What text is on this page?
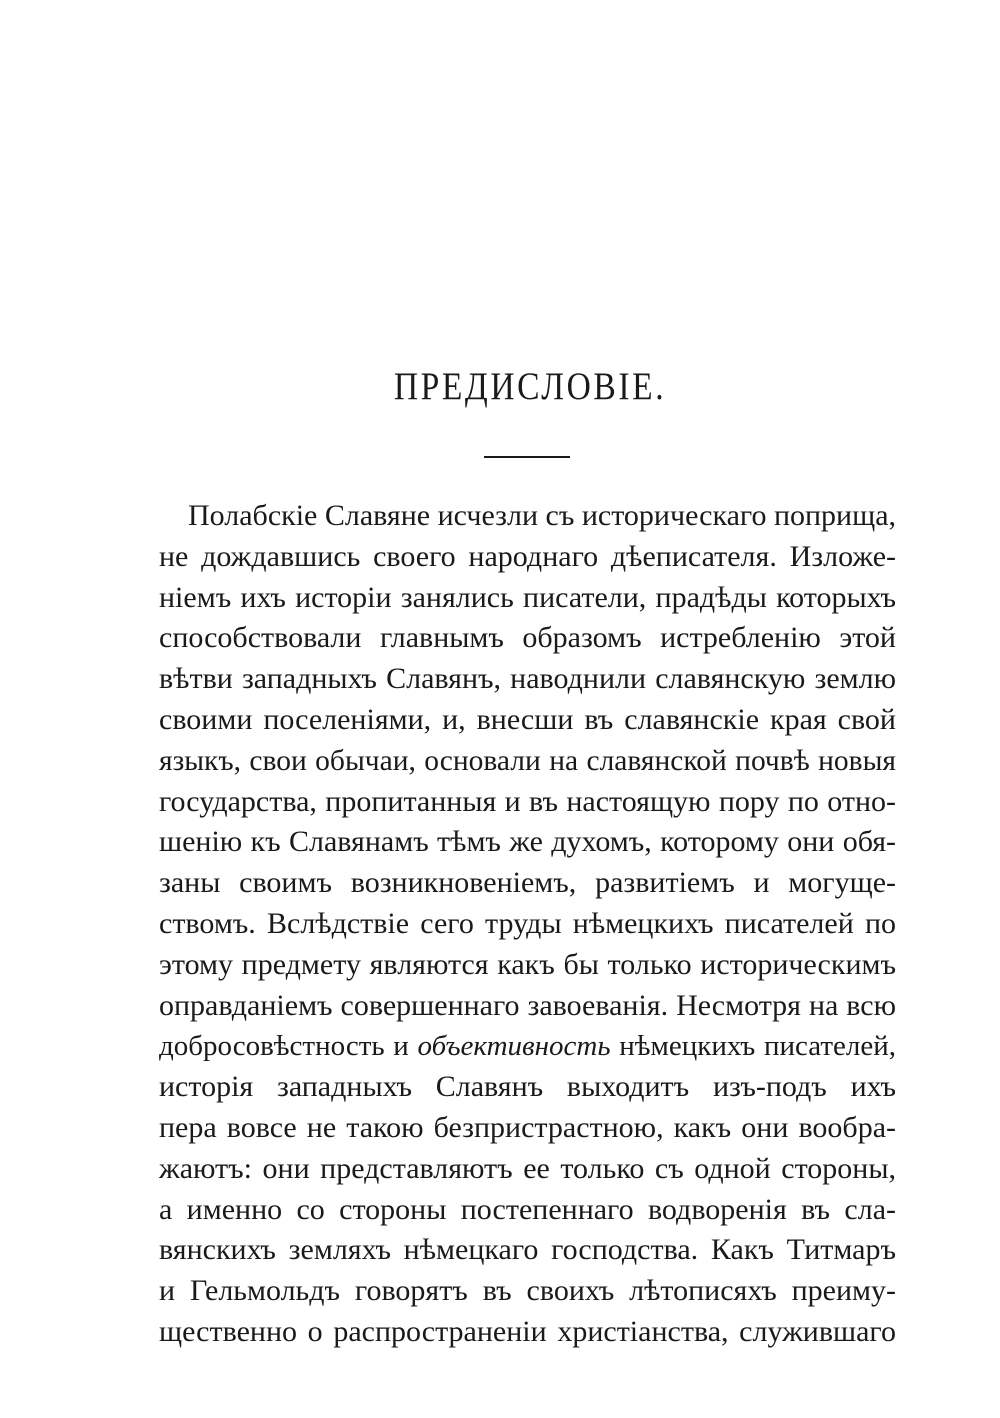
ПРЕДИСЛОВІЕ.
Полабскіе Славяне исчезли съ историческаго поприща,
не дождавшись своего народнаго дѣеписателя. Изложе-
ніемъ ихъ исторіи занялись писатели, прадѣды которыхъ
способствовали главнымъ образомъ истребленію этой
вѣтви западныхъ Славянъ, наводнили славянскую землю
своими поселеніями, и, внесши въ славянскіе края свой
языкъ, свои обычаи, основали на славянской почвѣ новыя
государства, пропитанныя и въ настоящую пору по отно-
шенію къ Славянамъ тѣмъ же духомъ, которому они обя-
заны своимъ возникновеніемъ, развитіемъ и могуще-
ствомъ. Вслѣдствіе сего труды нѣмецкихъ писателей по
этому предмету являются какъ бы только историческимъ
оправданіемъ совершеннаго завоеванія. Несмотря на всю
добросовѣстность и объективность нѣмецкихъ писателей,
исторія западныхъ Славянъ выходитъ изъ-подъ ихъ
пера вовсе не такою безпристрастною, какъ они вообра-
жаютъ: они представляютъ ее только съ одной стороны,
а именно со стороны постепеннаго водворенія въ сла-
вянскихъ земляхъ нѣмецкаго господства. Какъ Титмаръ
и Гельмольдъ говорятъ въ своихъ лѣтописяхъ преиму-
щественно о распространеніи христіанства, служившаго
